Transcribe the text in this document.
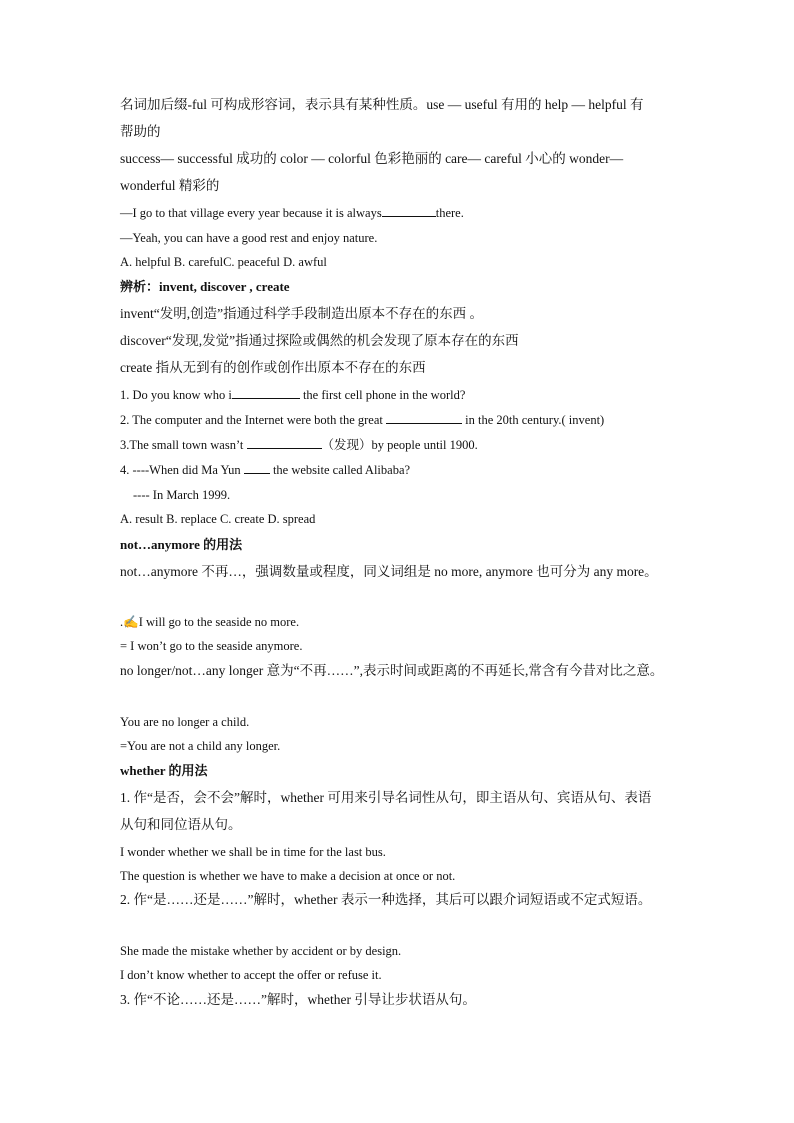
名词加后缀-ful 可构成形容词，表示具有某种性质。use — useful 有用的 help — helpful 有
帮助的
success— successful 成功的 color — colorful 色彩艳丽的 care— careful 小心的 wonder—
wonderful 精彩的
—I go to that village every year because it is always	there.
—Yeah, you can have a good rest and enjoy nature.
A. helpful B. carefulC. peaceful D. awful
辨析：invent, discover , create
invent“发明,创造”指通过科学手段制造出原本不存在的东西 。
discover“发现,发觉”指通过探险或偶然的机会发现了原本存在的东西
create 指从无到有的创作或创作出原本不存在的东西
1. Do you know who i	the first cell phone in the world?
2. The computer and the Internet were both the great	in the 20th century.( invent)
3.The small town wasn’t	（发现）by people until 1900.
4. ----When did Ma Yun  the website called Alibaba?
---- In March 1999.
A. result B. replace C. create D. spread
not…anymore 的用法
not…anymore 不再…，强调数量或程度，同义词组是 no more, anymore 也可分为 any more。
.✍I will go to the seaside no more.
= I won’t go to the seaside anymore.
no longer/not…any longer 意为“不再……”,表示时间或距离的不再延长,常含有今昔对比之意。
You are no longer a child.
=You are not a child any longer.
whether 的用法
1. 作“是否，会不会”解时，whether 可用来引导名词性从句，即主语从句、宾语从句、表语
从句和同位语从句。
I wonder whether we shall be in time for the last bus.
The question is whether we have to make a decision at once or not.
2. 作“是……还是……”解时，whether 表示一种选择，其后可以跟介词短语或不定式短语。
She made the mistake whether by accident or by design.
I don’t know whether to accept the offer or refuse it.
3. 作“不论……还是……”解时，whether 引导让步状语从句。
